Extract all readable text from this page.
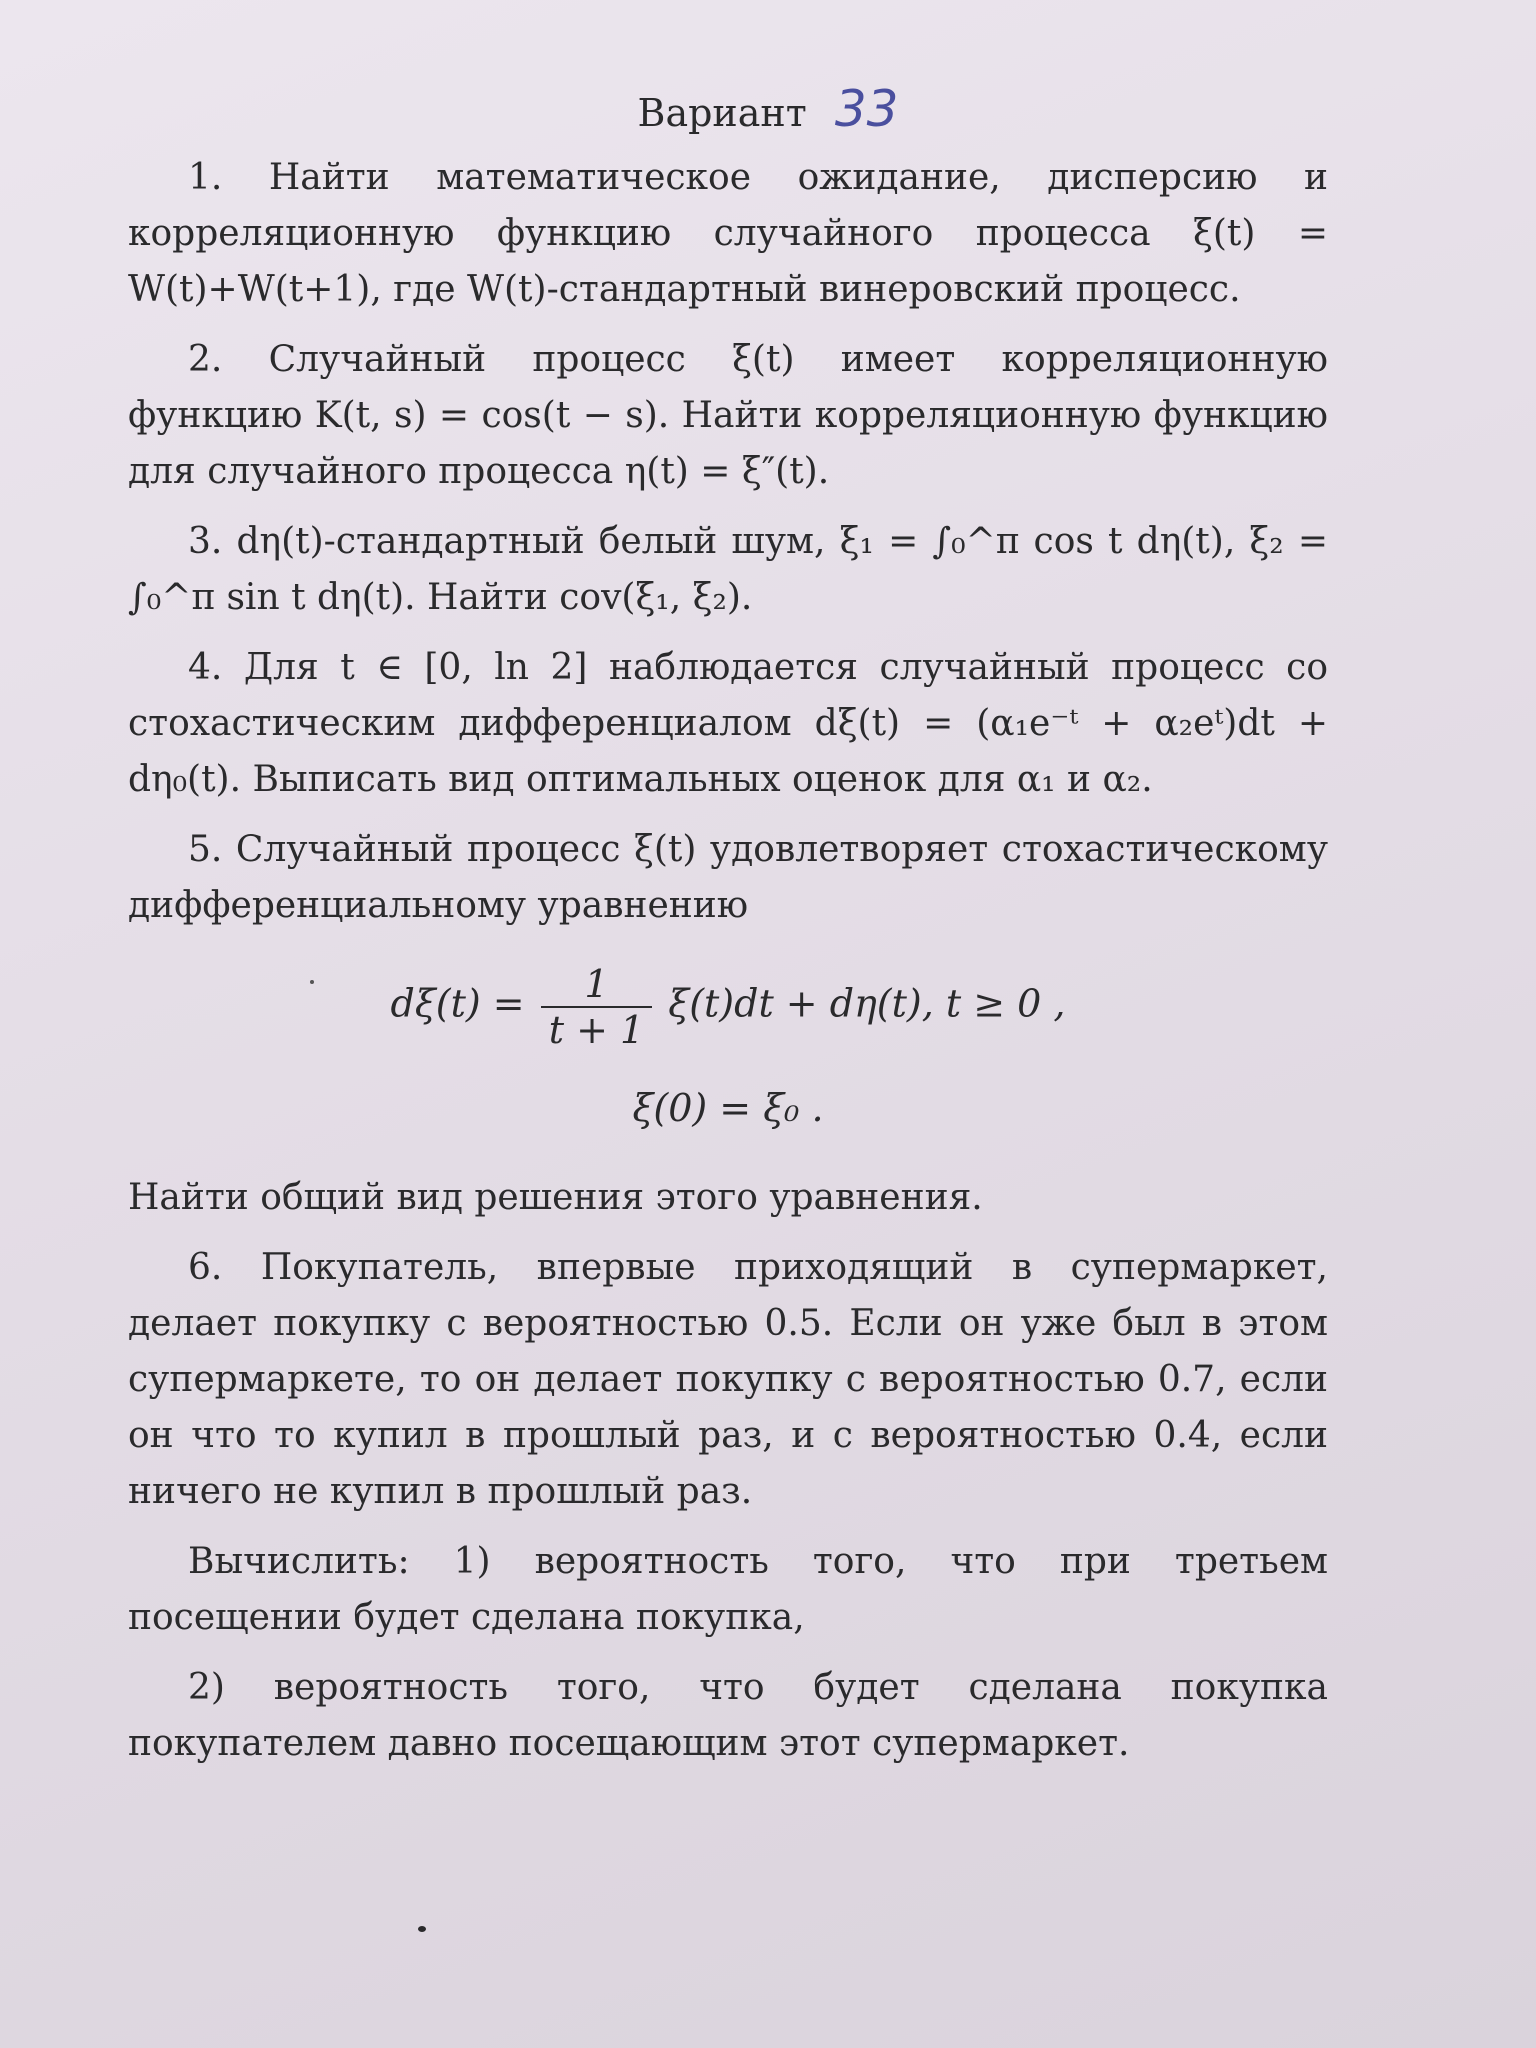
Вариант 33

1. Найти математическое ожидание, дисперсию и корреляционную функцию случайного процесса ξ(t) = W(t)+W(t+1), где W(t)-стандартный винеровский процесс.

2. Случайный процесс ξ(t) имеет корреляционную функцию K(t, s) = cos(t − s). Найти корреляционную функцию для случайного процесса η(t) = ξ″(t).

3. dη(t)-стандартный белый шум, ξ₁ = ∫₀^π cos t dη(t), ξ₂ = ∫₀^π sin t dη(t). Найти cov(ξ₁, ξ₂).

4. Для t ∈ [0, ln 2] наблюдается случайный процесс со стохастическим дифференциалом dξ(t) = (α₁e⁻ᵗ + α₂eᵗ)dt + dη₀(t). Выписать вид оптимальных оценок для α₁ и α₂.

5. Случайный процесс ξ(t) удовлетворяет стохастическому дифференциальному уравнению

$d\xi(t) = \frac{1}{t + 1} \xi(t)dt + d\eta(t)$, t ≥ 0 ,
ξ(0) = ξ₀ .

Найти общий вид решения этого уравнения.

6. Покупатель, впервые приходящий в супермаркет, делает покупку с вероятностью 0.5. Если он уже был в этом супермаркете, то он делает покупку с вероятностью 0.7, если он что то купил в прошлый раз, и с вероятностью 0.4, если ничего не купил в прошлый раз.

Вычислить: 1) вероятность того, что при третьем посещении будет сделана покупка,

2) вероятность того, что будет сделана покупка покупателем давно посещающим этот супермаркет.
